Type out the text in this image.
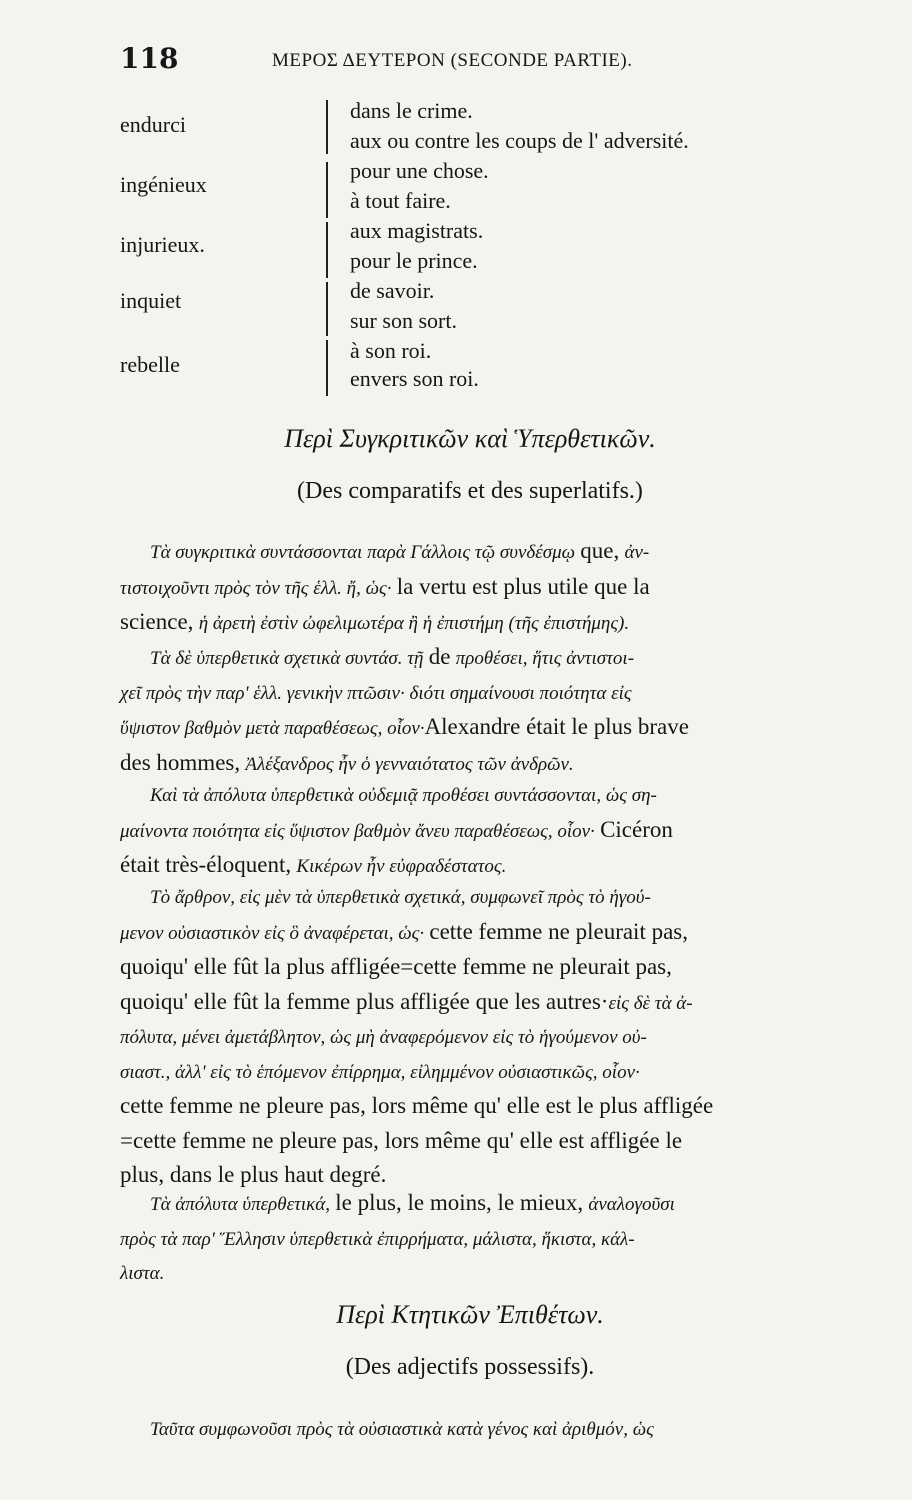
118	ΜΕΡΟΣ ΔΕΥΤΕΡΟΝ (SECONDE PARTIE).
endurci
ingénieux
injurieux.
inquiet
rebelle
dans le crime.
aux ou contre les coups de l' adversité.
pour une chose.
à tout faire.
aux magistrats.
pour le prince.
de savoir.
sur son sort.
à son roi.
envers son roi.
Περὶ Συγκριτικῶν καὶ Ὑπερθετικῶν.
(Des comparatifs et des superlatifs.)

Τὰ συγκριτικὰ συντάσσονται παρὰ Γάλλοις τῷ συνδέσμῳ que, ἀν-

τιστοιχοῦντι πρὸς τὸν τῆς ἑλλ. ἤ, ὡς· la vertu est plus utile que la

science, ἡ ἀρετὴ ἐστὶν ὠφελιμωτέρα ἢ ἡ ἐπιστήμη (τῆς ἐπιστήμης).

Τὰ δὲ ὑπερθετικὰ σχετικὰ συντάσ. τῇ de προθέσει, ἥτις ἀντιστοι-

χεῖ πρὸς τὴν παρ' ἑλλ. γενικὴν πτῶσιν· διότι σημαίνουσι ποιότητα εἰς

ὕψιστον βαθμὸν μετὰ παραθέσεως, οἷον·Alexandre était le plus brave

des hommes, Ἀλέξανδρος ἦν ὁ γενναιότατος τῶν ἀνδρῶν.

Καὶ τὰ ἀπόλυτα ὑπερθετικὰ οὐδεμιᾷ προθέσει συντάσσονται, ὡς ση-

μαίνοντα ποιότητα εἰς ὕψιστον βαθμὸν ἄνευ παραθέσεως, οἷον· Cicéron

était très-éloquent, Κικέρων ἦν εὐφραδέστατος.

Τὸ ἄρθρον, εἰς μὲν τὰ ὑπερθετικὰ σχετικά, συμφωνεῖ πρὸς τὸ ἡγού-

μενον οὐσιαστικὸν εἰς ὃ ἀναφέρεται, ὡς· cette femme ne pleurait pas,

quoiqu' elle fût la plus affligée=cette femme ne pleurait pas,

quoiqu' elle fût la femme plus affligée que les autres·εἰς δὲ τὰ ἀ-

πόλυτα, μένει ἀμετάβλητον, ὡς μὴ ἀναφερόμενον εἰς τὸ ἡγούμενον οὐ-

σιαστ., ἀλλ' εἰς τὸ ἑπόμενον ἐπίρρημα, εἰλημμένον οὐσιαστικῶς, οἷον·

cette femme ne pleure pas, lors même qu' elle est le plus affligée

=cette femme ne pleure pas, lors même qu' elle est affligée le

plus, dans le plus haut degré.

Τὰ ἀπόλυτα ὑπερθετικά, le plus, le moins, le mieux, ἀναλογοῦσι

πρὸς τὰ παρ' Ἕλλησιν ὑπερθετικὰ ἐπιρρήματα, μάλιστα, ἥκιστα, κάλ-

λιστα.

Περὶ Κτητικῶν Ἐπιθέτων.
(Des adjectifs possessifs).

Ταῦτα συμφωνοῦσι πρὸς τὰ οὐσιαστικὰ κατὰ γένος καὶ ἀριθμόν, ὡς
